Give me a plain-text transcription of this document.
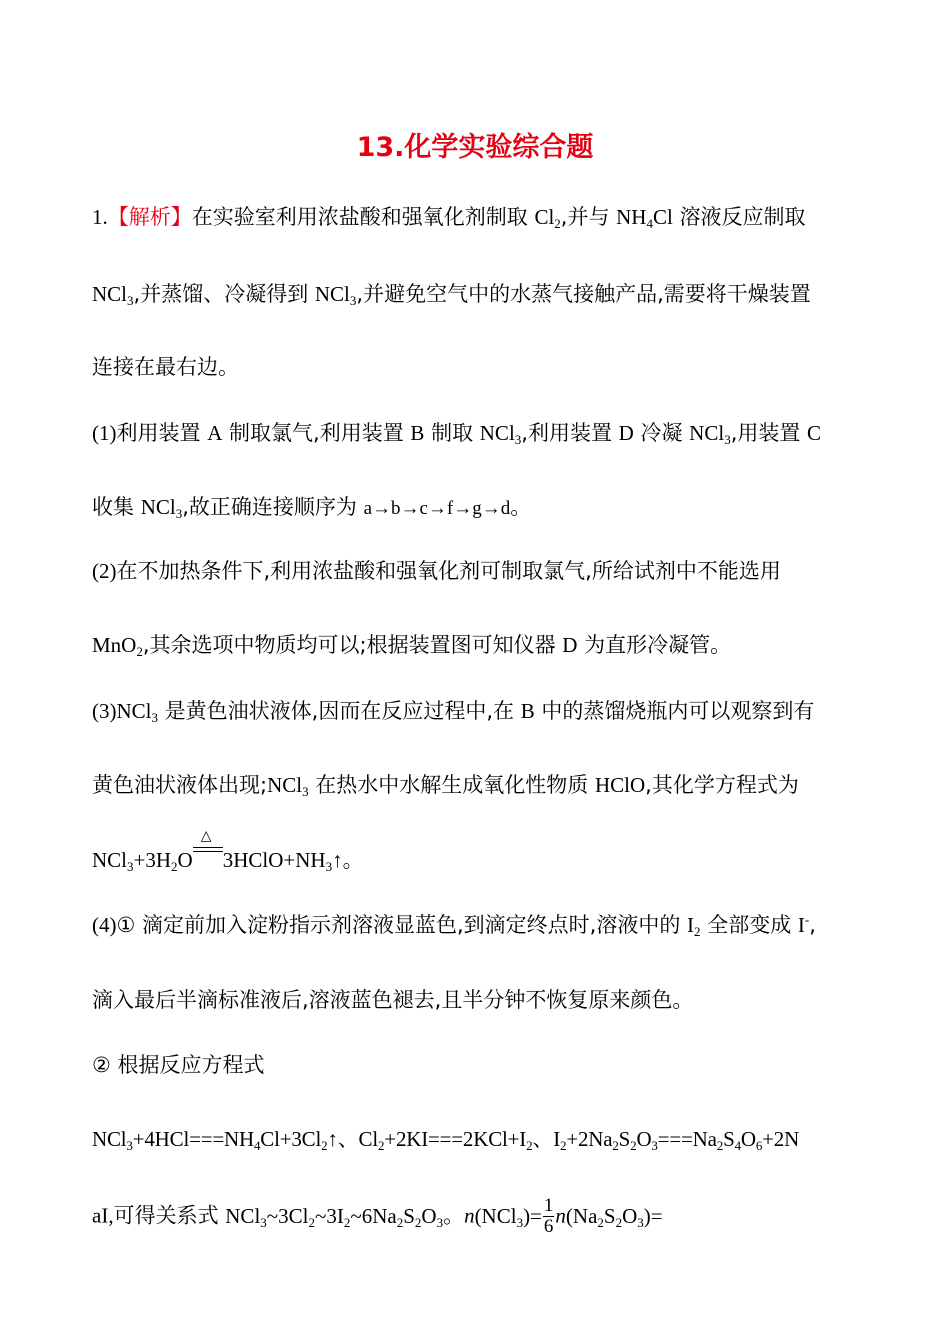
13.化学实验综合题
1.【解析】在实验室利用浓盐酸和强氧化剂制取 $Cl_2$,并与 $NH_4Cl$ 溶液反应制取
NCl$_3$,并蒸馏、冷凝得到 NCl$_3$,并避免空气中的水蒸气接触产品,需要将干燥装置
连接在最右边。
(1)利用装置 A 制取氯气,利用装置 B 制取 NCl$_3$,利用装置 D 冷凝 NCl$_3$,用装置 C
收集 NCl$_3$,故正确连接顺序为 a→b→c→f→g→d。
(2)在不加热条件下,利用浓盐酸和强氧化剂可制取氯气,所给试剂中不能选用
MnO$_2$,其余选项中物质均可以;根据装置图可知仪器 D 为直形冷凝管。
(3)NCl$_3$ 是黄色油状液体,因而在反应过程中,在 B 中的蒸馏烧瓶内可以观察到有
黄色油状液体出现;NCl$_3$ 在热水中水解生成氧化性物质 HClO,其化学方程式为
$NCl_3+3H_2O$
△
$3HClO+NH_3↑$。
(4)① 滴定前加入淀粉指示剂溶液显蓝色,到滴定终点时,溶液中的 $I_2$ 全部变成 I-,
滴入最后半滴标准液后,溶液蓝色褪去,且半分钟不恢复原来颜色。
② 根据反应方程式
$NCl_3+4HCl===NH_4Cl+3Cl_2↑$、$Cl_2+2KI===2KCl+I_2$、$I_2+2Na_2S_2O_3===Na_2S_4O_6+2N$
aI,可得关系式 $NCl_3\sim 3Cl_2\sim 3I_2\sim 6Na_2S_2O_3$。$n(NCl_3)= \frac{1}{6} n(Na_2S_2O_3)=$
